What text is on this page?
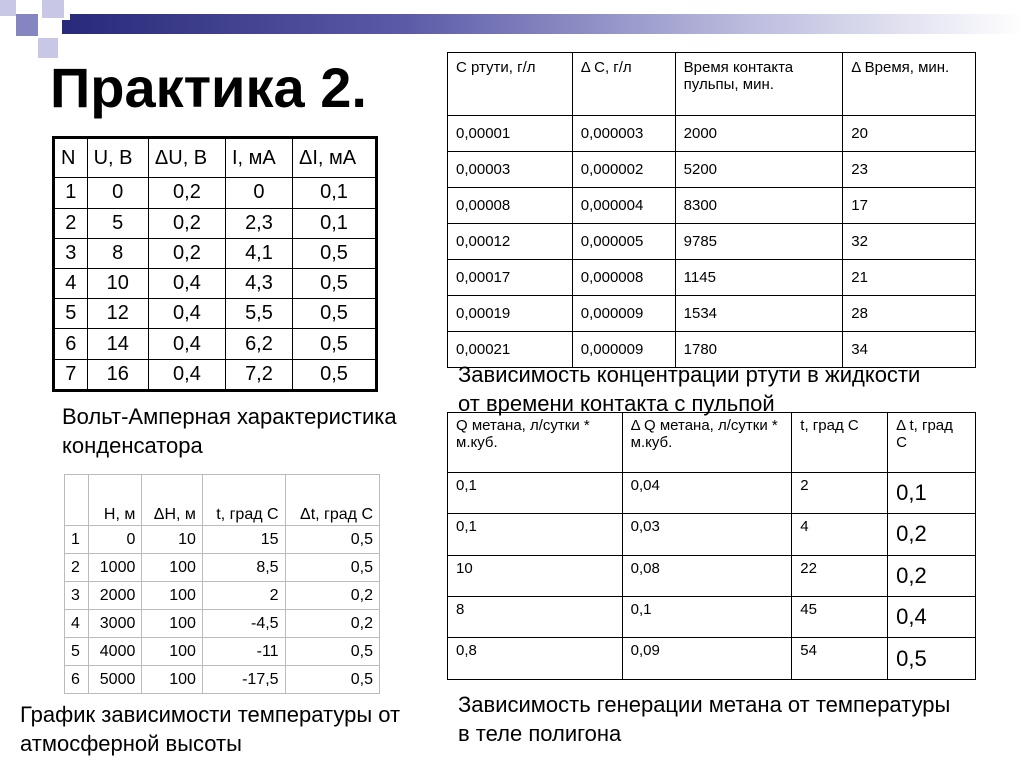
Практика 2.
N	U, В	ΔU, В	I, мА	ΔI, мА
1	0	0,2	0	0,1
2	5	0,2	2,3	0,1
3	8	0,2	4,1	0,5
4	10	0,4	4,3	0,5
5	12	0,4	5,5	0,5
6	14	0,4	6,2	0,5
7	16	0,4	7,2	0,5
Вольт-Амперная характеристика
конденсатора
	H, м	ΔH, м	t, град С	Δt, град С
1	0	10	15	0,5
2	1000	100	8,5	0,5
3	2000	100	2	0,2
4	3000	100	-4,5	0,2
5	4000	100	-11	0,5
6	5000	100	-17,5	0,5
График зависимости температуры от
атмосферной высоты
C ртути, г/л	Δ C, г/л	Время контакта пульпы, мин.	Δ Время, мин.
0,00001	0,000003	2000	20
0,00003	0,000002	5200	23
0,00008	0,000004	8300	17
0,00012	0,000005	9785	32
0,00017	0,000008	1145	21
0,00019	0,000009	1534	28
0,00021	0,000009	1780	34
Зависимость концентрации ртути в жидкости
от времени контакта с пульпой
Q метана, л/сутки * м.куб.	Δ Q метана, л/сутки * м.куб.	t, град С	Δ t, град С
0,1	0,04	2	0,1
0,1	0,03	4	0,2
10	0,08	22	0,2
8	0,1	45	0,4
0,8	0,09	54	0,5
Зависимость генерации метана от температуры
в теле полигона
